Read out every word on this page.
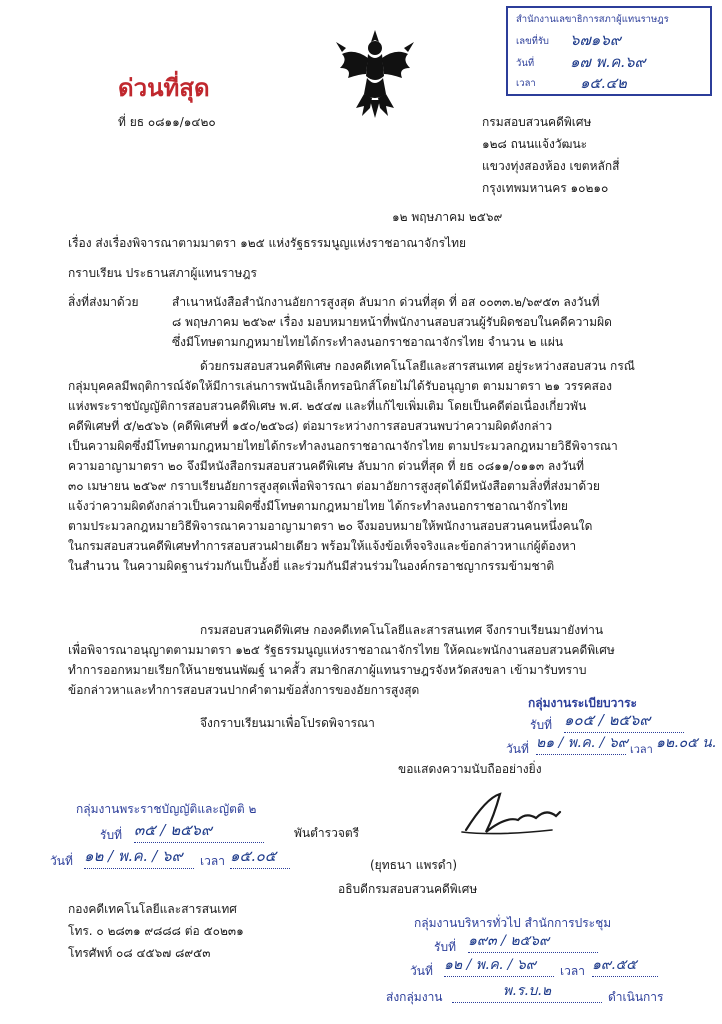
สำนักงานเลขาธิการสภาผู้แทนราษฎร
เลขที่รับ ๖๗๑๖๙
วันที่ ๑๗ พ.ค.๖๙
เวลา	๑๕.๔๒
ด่วนที่สุด
ที่ ยธ ๐๘๑๑/๑๔๒๐	กรมสอบสวนคดีพิเศษ
๑๒๘ ถนนแจ้งวัฒนะ
แขวงทุ่งสองห้อง เขตหลักสี่
กรุงเทพมหานคร ๑๐๒๑๐
๑๒ พฤษภาคม ๒๕๖๙
เรื่อง ส่งเรื่องพิจารณาตามมาตรา ๑๒๕ แห่งรัฐธรรมนูญแห่งราชอาณาจักรไทย
กราบเรียน ประธานสภาผู้แทนราษฎร
สิ่งที่ส่งมาด้วย	สำเนาหนังสือสำนักงานอัยการสูงสุด ลับมาก ด่วนที่สุด ที่ อส ๐๐๓๓.๒/๖๙๕๓ ลงวันที่
๘ พฤษภาคม ๒๕๖๙ เรื่อง มอบหมายหน้าที่พนักงานสอบสวนผู้รับผิดชอบในคดีความผิด
ซึ่งมีโทษตามกฎหมายไทยได้กระทำลงนอกราชอาณาจักรไทย จำนวน ๒ แผ่น
ด้วยกรมสอบสวนคดีพิเศษ กองคดีเทคโนโลยีและสารสนเทศ อยู่ระหว่างสอบสวน กรณี
กลุ่มบุคคลมีพฤติการณ์จัดให้มีการเล่นการพนันอิเล็กทรอนิกส์โดยไม่ได้รับอนุญาต ตามมาตรา ๒๑ วรรคสอง
แห่งพระราชบัญญัติการสอบสวนคดีพิเศษ พ.ศ. ๒๕๔๗ และที่แก้ไขเพิ่มเติม โดยเป็นคดีต่อเนื่องเกี่ยวพัน
คดีพิเศษที่ ๕/๒๕๖๖ (คดีพิเศษที่ ๑๕๐/๒๕๖๘) ต่อมาระหว่างการสอบสวนพบว่าความผิดดังกล่าว
เป็นความผิดซึ่งมีโทษตามกฎหมายไทยได้กระทำลงนอกราชอาณาจักรไทย ตามประมวลกฎหมายวิธีพิจารณา
ความอาญามาตรา ๒๐ จึงมีหนังสือกรมสอบสวนคดีพิเศษ ลับมาก ด่วนที่สุด ที่ ยธ ๐๘๑๑/๐๑๑๓ ลงวันที่
๓๐ เมษายน ๒๕๖๙ กราบเรียนอัยการสูงสุดเพื่อพิจารณา ต่อมาอัยการสูงสุดได้มีหนังสือตามสิ่งที่ส่งมาด้วย
แจ้งว่าความผิดดังกล่าวเป็นความผิดซึ่งมีโทษตามกฎหมายไทย ได้กระทำลงนอกราชอาณาจักรไทย
ตามประมวลกฎหมายวิธีพิจารณาความอาญามาตรา ๒๐ จึงมอบหมายให้พนักงานสอบสวนคนหนึ่งคนใด
ในกรมสอบสวนคดีพิเศษทำการสอบสวนฝ่ายเดียว พร้อมให้แจ้งข้อเท็จจริงและข้อกล่าวหาแก่ผู้ต้องหา
ในสำนวน ในความผิดฐานร่วมกันเป็นอั้งยี่ และร่วมกันมีส่วนร่วมในองค์กรอาชญากรรมข้ามชาติ
กรมสอบสวนคดีพิเศษ กองคดีเทคโนโลยีและสารสนเทศ จึงกราบเรียนมายังท่าน
เพื่อพิจารณาอนุญาตตามมาตรา ๑๒๕ รัฐธรรมนูญแห่งราชอาณาจักรไทย ให้คณะพนักงานสอบสวนคดีพิเศษ
ทำการออกหมายเรียกให้นายชนนพัฒฐ์ นาคสั้ว สมาชิกสภาผู้แทนราษฎรจังหวัดสงขลา เข้ามารับทราบ
ข้อกล่าวหาและทำการสอบสวนปากคำตามข้อสั่งการของอัยการสูงสุด
จึงกราบเรียนมาเพื่อโปรดพิจารณา
กลุ่มงานระเบียบวาระ
รับที่ ๑๐๕ / ๒๕๖๙
วันที่ ๒๑ / พ.ค. / ๖๙ เวลา ๑๒.๐๕ น.
ขอแสดงความนับถืออย่างยิ่ง
กลุ่มงานพระราชบัญญัติและญัตติ ๒
รับที่ ๓๕ / ๒๕๖๙
วันที่ ๑๒ / พ.ค. / ๖๙	เวลา ๑๕.๐๕
พันตำรวจตรี
(ยุทธนา แพรดำ)
อธิบดีกรมสอบสวนคดีพิเศษ
กองคดีเทคโนโลยีและสารสนเทศ
โทร. ๐ ๒๘๓๑ ๙๘๘๘ ต่อ ๕๐๒๓๑
โทรศัพท์ ๐๘ ๔๕๖๗ ๘๙๕๓
กลุ่มงานบริหารทั่วไป สำนักการประชุม
รับที่ ๑๙๓ / ๒๕๖๙
วันที่ ๑๒ / พ.ค. / ๖๙	เวลา ๑๙.๕๕
ส่งกลุ่มงาน	พ.ร.บ.๒	ดำเนินการ
